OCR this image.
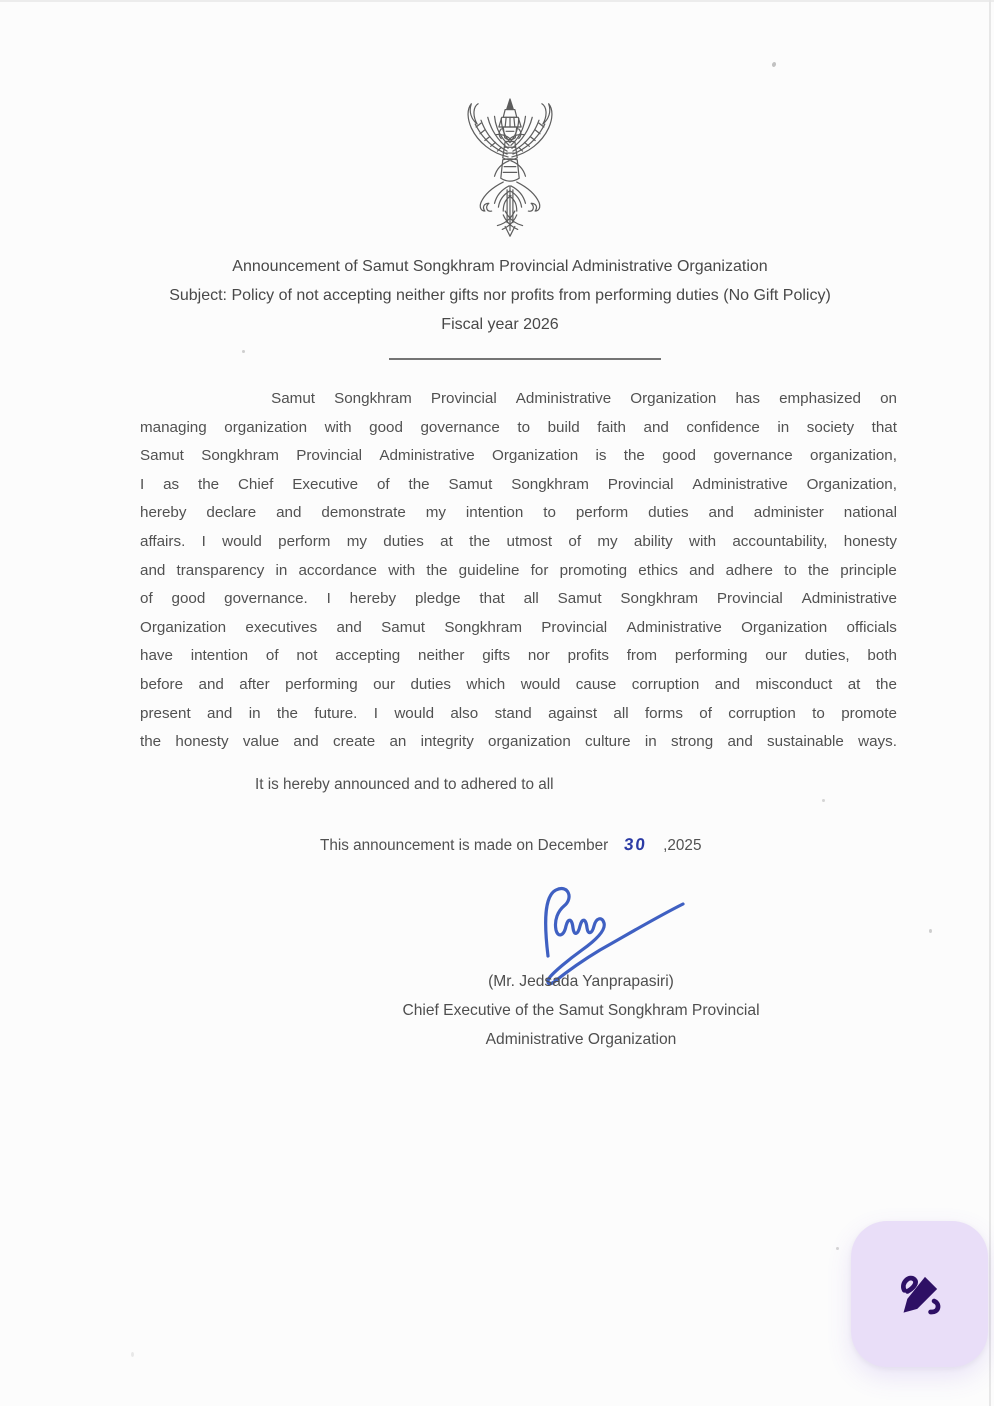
Announcement of Samut Songkhram Provincial Administrative Organization
Subject: Policy of not accepting neither gifts nor profits from performing duties (No Gift Policy)
Fiscal year 2026
Samut Songkhram Provincial Administrative Organization has emphasized on
managing organization with good governance to build faith and confidence in society that
Samut Songkhram Provincial Administrative Organization is the good governance organization,
I as the Chief Executive of the Samut Songkhram Provincial Administrative Organization,
hereby declare and demonstrate my intention to perform duties and administer national
affairs. I would perform my duties at the utmost of my ability with accountability, honesty
and transparency in accordance with the guideline for promoting ethics and adhere to the principle
of good governance. I hereby pledge that all Samut Songkhram Provincial Administrative
Organization executives and Samut Songkhram Provincial Administrative Organization officials
have intention of not accepting neither gifts nor profits from performing our duties, both
before and after performing our duties which would cause corruption and misconduct at the
present and in the future. I would also stand against all forms of corruption to promote
the honesty value and create an integrity organization culture in strong and sustainable ways.
It is hereby announced and to adhered to all
This announcement is made on December 30 ,2025
(Mr. Jedsada Yanprapasiri)
Chief Executive of the Samut Songkhram Provincial
Administrative Organization
